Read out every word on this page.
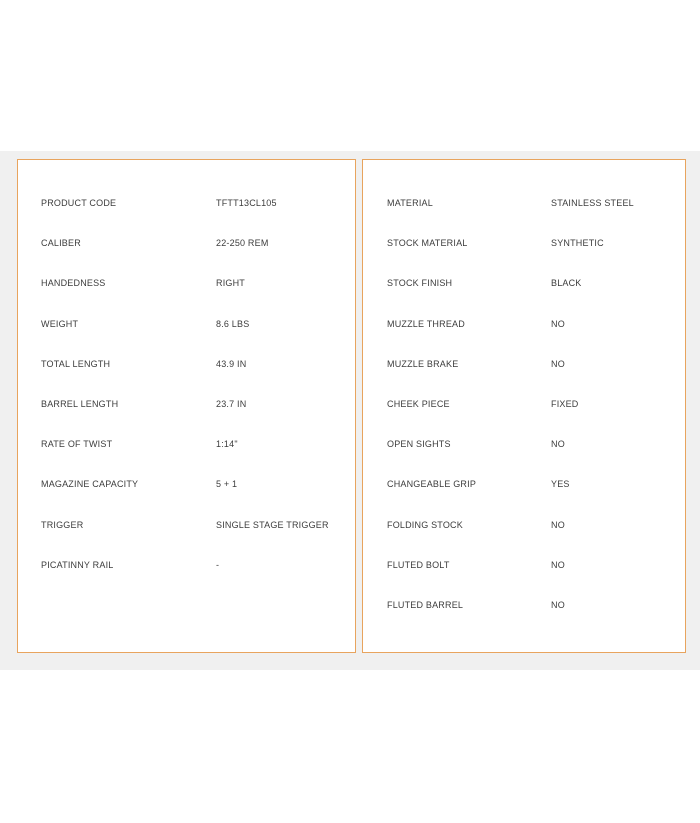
PRODUCT CODE	TFTT13CL105
CALIBER	22-250 REM
HANDEDNESS	RIGHT
WEIGHT	8.6 LBS
TOTAL LENGTH	43.9 IN
BARREL LENGTH	23.7 IN
RATE OF TWIST	1:14"
MAGAZINE CAPACITY	5 + 1
TRIGGER	SINGLE STAGE TRIGGER
PICATINNY RAIL	-
MATERIAL	STAINLESS STEEL
STOCK MATERIAL	SYNTHETIC
STOCK FINISH	BLACK
MUZZLE THREAD	NO
MUZZLE BRAKE	NO
CHEEK PIECE	FIXED
OPEN SIGHTS	NO
CHANGEABLE GRIP	YES
FOLDING STOCK	NO
FLUTED BOLT	NO
FLUTED BARREL	NO
